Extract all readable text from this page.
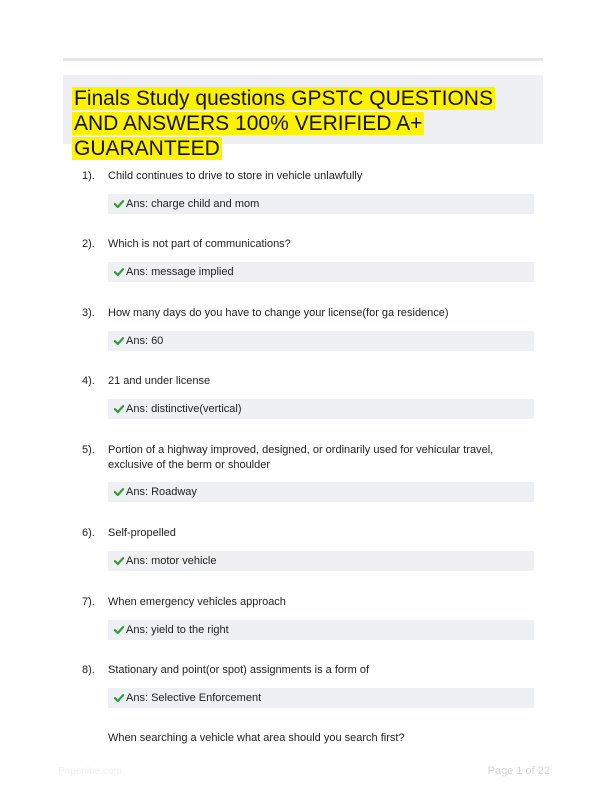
Finals Study questions GPSTC QUESTIONS AND ANSWERS 100% VERIFIED A+ GUARANTEED
1). Child continues to drive to store in vehicle unlawfully
Ans: charge child and mom
2). Which is not part of communications?
Ans: message implied
3). How many days do you have to change your license(for ga residence)
Ans: 60
4). 21 and under license
Ans: distinctive(vertical)
5). Portion of a highway improved, designed, or ordinarily used for vehicular travel, exclusive of the berm or shoulder
Ans: Roadway
6). Self-propelled
Ans: motor vehicle
7). When emergency vehicles approach
Ans: yield to the right
8). Stationary and point(or spot) assignments is a form of
Ans: Selective Enforcement
When searching a vehicle what area should you search first?
Paperlibe.com	Page 1 of 22
